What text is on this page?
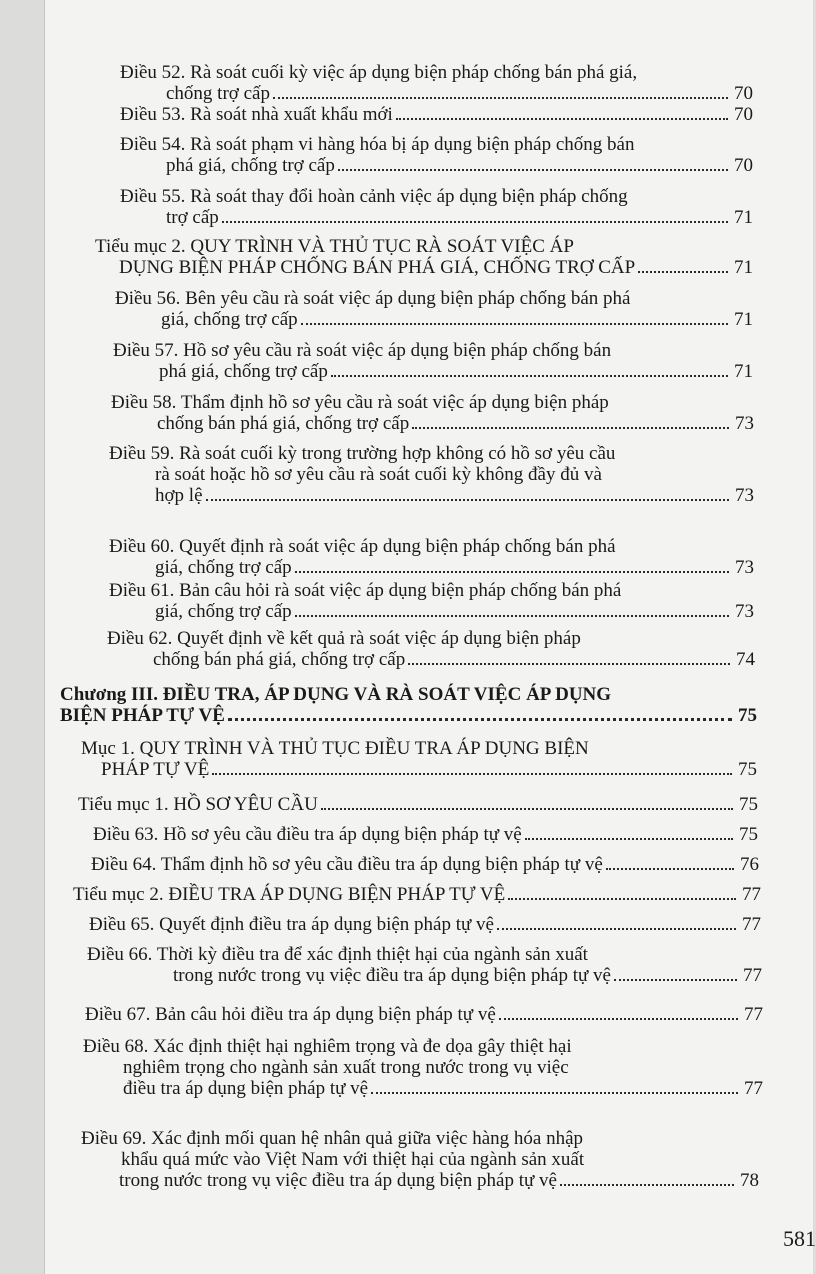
Điều 52. Rà soát cuối kỳ việc áp dụng biện pháp chống bán phá giá,
chống trợ cấp	70
Điều 53. Rà soát nhà xuất khẩu mới	70
Điều 54. Rà soát phạm vi hàng hóa bị áp dụng biện pháp chống bán
phá giá, chống trợ cấp	70
Điều 55. Rà soát thay đổi hoàn cảnh việc áp dụng biện pháp chống
trợ cấp	71
Tiểu mục 2. QUY TRÌNH VÀ THỦ TỤC RÀ SOÁT VIỆC ÁP
DỤNG BIỆN PHÁP CHỐNG BÁN PHÁ GIÁ, CHỐNG TRỢ CẤP	71
Điều 56. Bên yêu cầu rà soát việc áp dụng biện pháp chống bán phá
giá, chống trợ cấp	71
Điều 57. Hồ sơ yêu cầu rà soát việc áp dụng biện pháp chống bán
phá giá, chống trợ cấp	71
Điều 58. Thẩm định hồ sơ yêu cầu rà soát việc áp dụng biện pháp
chống bán phá giá, chống trợ cấp	73
Điều 59. Rà soát cuối kỳ trong trường hợp không có hồ sơ yêu cầu
rà soát hoặc hồ sơ yêu cầu rà soát cuối kỳ không đầy đủ và
hợp lệ	73
Điều 60. Quyết định rà soát việc áp dụng biện pháp chống bán phá
giá, chống trợ cấp	73
Điều 61. Bản câu hỏi rà soát việc áp dụng biện pháp chống bán phá
giá, chống trợ cấp	73
Điều 62. Quyết định về kết quả rà soát việc áp dụng biện pháp
chống bán phá giá, chống trợ cấp	74
Chương III. ĐIỀU TRA, ÁP DỤNG VÀ RÀ SOÁT VIỆC ÁP DỤNG
BIỆN PHÁP TỰ VỆ	75
Mục 1. QUY TRÌNH VÀ THỦ TỤC ĐIỀU TRA ÁP DỤNG BIỆN
PHÁP TỰ VỆ	75
Tiểu mục 1. HỒ SƠ YÊU CẦU	75
Điều 63. Hồ sơ yêu cầu điều tra áp dụng biện pháp tự vệ	75
Điều 64. Thẩm định hồ sơ yêu cầu điều tra áp dụng biện pháp tự vệ	76
Tiểu mục 2. ĐIỀU TRA ÁP DỤNG BIỆN PHÁP TỰ VỆ	77
Điều 65. Quyết định điều tra áp dụng biện pháp tự vệ	77
Điều 66. Thời kỳ điều tra để xác định thiệt hại của ngành sản xuất
trong nước trong vụ việc điều tra áp dụng biện pháp tự vệ	77
Điều 67. Bản câu hỏi điều tra áp dụng biện pháp tự vệ	77
Điều 68. Xác định thiệt hại nghiêm trọng và đe dọa gây thiệt hại
nghiêm trọng cho ngành sản xuất trong nước trong vụ việc
điều tra áp dụng biện pháp tự vệ	77
Điều 69. Xác định mối quan hệ nhân quả giữa việc hàng hóa nhập
khẩu quá mức vào Việt Nam với thiệt hại của ngành sản xuất
trong nước trong vụ việc điều tra áp dụng biện pháp tự vệ	78
581
